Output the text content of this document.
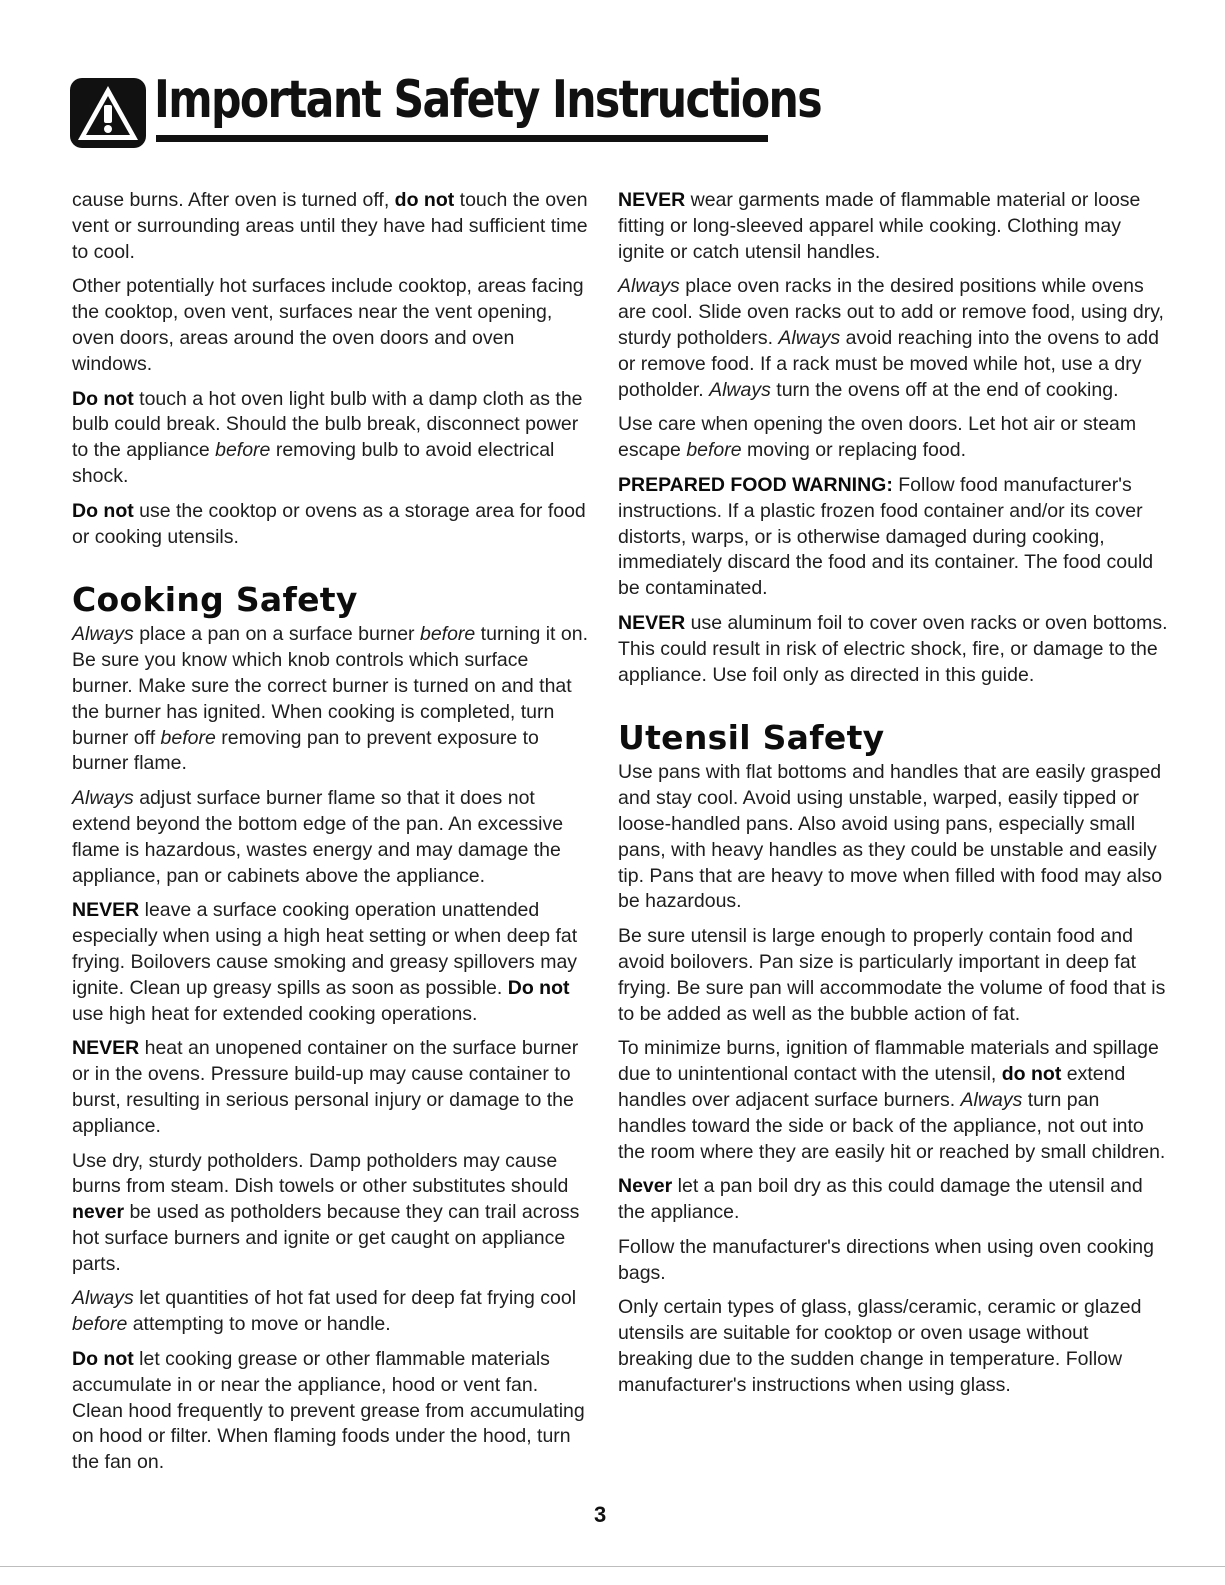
Important Safety Instructions

cause burns. After oven is turned off, do not touch the oven vent or surrounding areas until they have had sufficient time to cool.

Other potentially hot surfaces include cooktop, areas facing the cooktop, oven vent, surfaces near the vent opening, oven doors, areas around the oven doors and oven windows.

Do not touch a hot oven light bulb with a damp cloth as the bulb could break. Should the bulb break, disconnect power to the appliance before removing bulb to avoid electrical shock.

Do not use the cooktop or ovens as a storage area for food or cooking utensils.

Cooking Safety

Always place a pan on a surface burner before turning it on. Be sure you know which knob controls which surface burner. Make sure the correct burner is turned on and that the burner has ignited. When cooking is completed, turn burner off before removing pan to prevent exposure to burner flame.

Always adjust surface burner flame so that it does not extend beyond the bottom edge of the pan. An excessive flame is hazardous, wastes energy and may damage the appliance, pan or cabinets above the appliance.

NEVER leave a surface cooking operation unattended especially when using a high heat setting or when deep fat frying. Boilovers cause smoking and greasy spillovers may ignite. Clean up greasy spills as soon as possible. Do not use high heat for extended cooking operations.

NEVER heat an unopened container on the surface burner or in the ovens. Pressure build-up may cause container to burst, resulting in serious personal injury or damage to the appliance.

Use dry, sturdy potholders. Damp potholders may cause burns from steam. Dish towels or other substitutes should never be used as potholders because they can trail across hot surface burners and ignite or get caught on appliance parts.

Always let quantities of hot fat used for deep fat frying cool before attempting to move or handle.

Do not let cooking grease or other flammable materials accumulate in or near the appliance, hood or vent fan. Clean hood frequently to prevent grease from accumulating on hood or filter. When flaming foods under the hood, turn the fan on.

NEVER wear garments made of flammable material or loose fitting or long-sleeved apparel while cooking. Clothing may ignite or catch utensil handles.

Always place oven racks in the desired positions while ovens are cool. Slide oven racks out to add or remove food, using dry, sturdy potholders. Always avoid reaching into the ovens to add or remove food. If a rack must be moved while hot, use a dry potholder. Always turn the ovens off at the end of cooking.

Use care when opening the oven doors. Let hot air or steam escape before moving or replacing food.

PREPARED FOOD WARNING: Follow food manufacturer's instructions. If a plastic frozen food container and/or its cover distorts, warps, or is otherwise damaged during cooking, immediately discard the food and its container. The food could be contaminated.

NEVER use aluminum foil to cover oven racks or oven bottoms. This could result in risk of electric shock, fire, or damage to the appliance. Use foil only as directed in this guide.

Utensil Safety

Use pans with flat bottoms and handles that are easily grasped and stay cool. Avoid using unstable, warped, easily tipped or loose-handled pans. Also avoid using pans, especially small pans, with heavy handles as they could be unstable and easily tip. Pans that are heavy to move when filled with food may also be hazardous.

Be sure utensil is large enough to properly contain food and avoid boilovers. Pan size is particularly important in deep fat frying. Be sure pan will accommodate the volume of food that is to be added as well as the bubble action of fat.

To minimize burns, ignition of flammable materials and spillage due to unintentional contact with the utensil, do not extend handles over adjacent surface burners. Always turn pan handles toward the side or back of the appliance, not out into the room where they are easily hit or reached by small children.

Never let a pan boil dry as this could damage the utensil and the appliance.

Follow the manufacturer's directions when using oven cooking bags.

Only certain types of glass, glass/ceramic, ceramic or glazed utensils are suitable for cooktop or oven usage without breaking due to the sudden change in temperature. Follow manufacturer's instructions when using glass.

3
